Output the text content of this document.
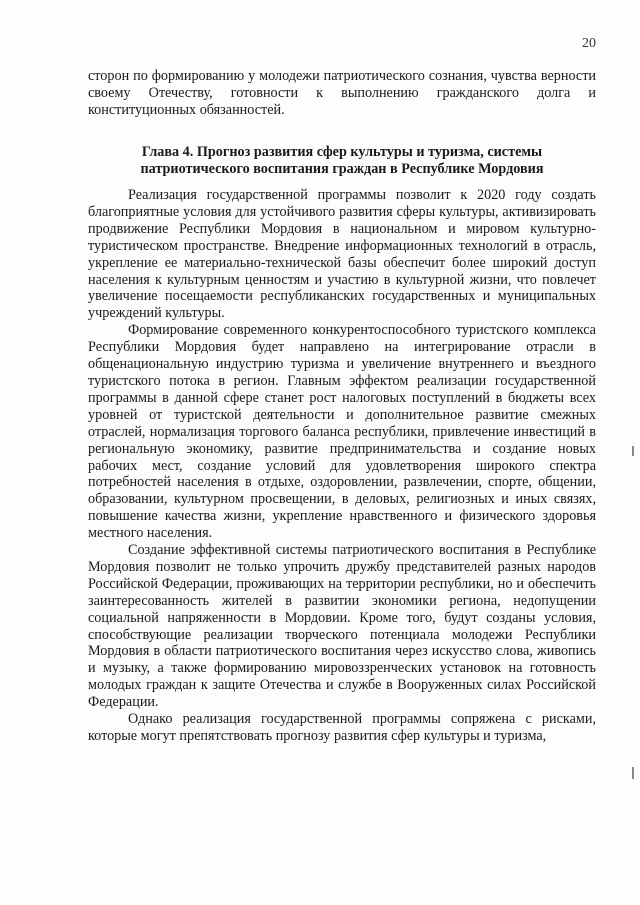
20
сторон по формированию у молодежи патриотического сознания, чувства верности своему Отечеству, готовности к выполнению гражданского долга и конституционных обязанностей.
Глава 4. Прогноз развития сфер культуры и туризма, системы
патриотического воспитания граждан в Республике Мордовия

Реализация государственной программы позволит к 2020 году создать благоприятные условия для устойчивого развития сферы культуры, активизировать продвижение Республики Мордовия в национальном и мировом культурно-туристическом пространстве. Внедрение информационных технологий в отрасль, укрепление ее материально-технической базы обеспечит более широкий доступ населения к культурным ценностям и участию в культурной жизни, что повлечет увеличение посещаемости республиканских государственных и муниципальных учреждений культуры.

Формирование современного конкурентоспособного туристского комплекса Республики Мордовия будет направлено на интегрирование отрасли в общенациональную индустрию туризма и увеличение внутреннего и въездного туристского потока в регион. Главным эффектом реализации государственной программы в данной сфере станет рост налоговых поступлений в бюджеты всех уровней от туристской деятельности и дополнительное развитие смежных отраслей, нормализация торгового баланса республики, привлечение инвестиций в региональную экономику, развитие предпринимательства и создание новых рабочих мест, создание условий для удовлетворения широкого спектра потребностей населения в отдыхе, оздоровлении, развлечении, спорте, общении, образовании, культурном просвещении, в деловых, религиозных и иных связях, повышение качества жизни, укрепление нравственного и физического здоровья местного населения.

Создание эффективной системы патриотического воспитания в Республике Мордовия позволит не только упрочить дружбу представителей разных народов Российской Федерации, проживающих на территории республики, но и обеспечить заинтересованность жителей в развитии экономики региона, недопущении социальной напряженности в Мордовии. Кроме того, будут созданы условия, способствующие реализации творческого потенциала молодежи Республики Мордовия в области патриотического воспитания через искусство слова, живопись и музыку, а также формированию мировоззренческих установок на готовность молодых граждан к защите Отечества и службе в Вооруженных силах Российской Федерации.

Однако реализация государственной программы сопряжена с рисками, которые могут препятствовать прогнозу развития сфер культуры и туризма,
